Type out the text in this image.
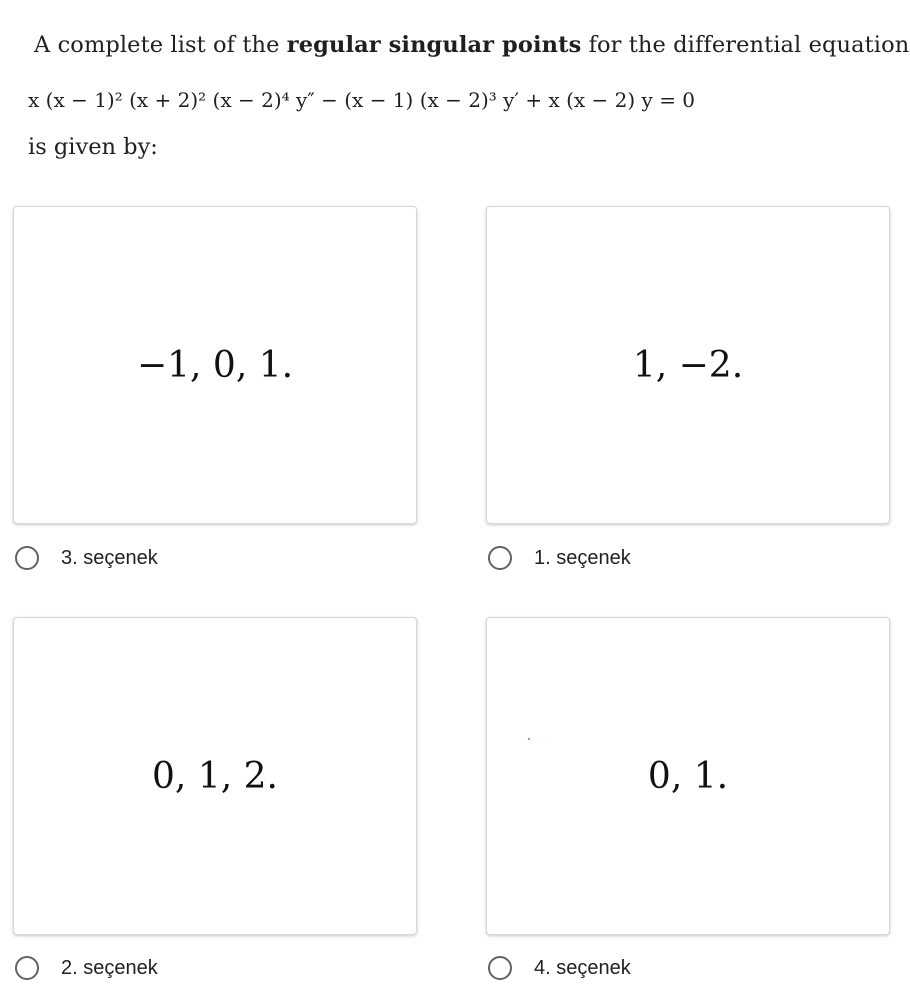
A complete list of the regular singular points for the differential equation
x (x − 1)² (x + 2)² (x − 2)⁴ y″ − (x − 1) (x − 2)³ y′ + x (x − 2) y = 0
is given by:
−1, 0, 1.	1, −2.
3. seçenek	1. seçenek
0, 1, 2.	0, 1.
2. seçenek	4. seçenek
